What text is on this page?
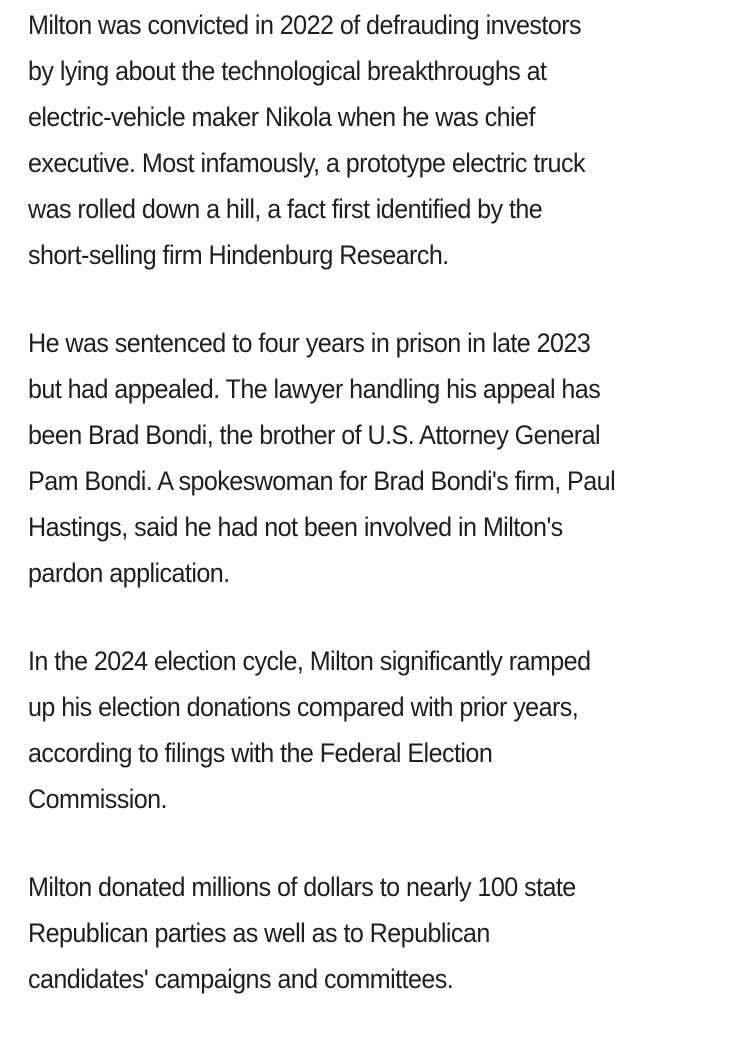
Milton was convicted in 2022 of defrauding investors
by lying about the technological breakthroughs at
electric-vehicle maker Nikola when he was chief
executive. Most infamously, a prototype electric truck
was rolled down a hill, a fact first identified by the
short-selling firm Hindenburg Research.

He was sentenced to four years in prison in late 2023
but had appealed. The lawyer handling his appeal has
been Brad Bondi, the brother of U.S. Attorney General
Pam Bondi. A spokeswoman for Brad Bondi's firm, Paul
Hastings, said he had not been involved in Milton's
pardon application.

In the 2024 election cycle, Milton significantly ramped
up his election donations compared with prior years,
according to filings with the Federal Election
Commission.

Milton donated millions of dollars to nearly 100 state
Republican parties as well as to Republican
candidates' campaigns and committees.
